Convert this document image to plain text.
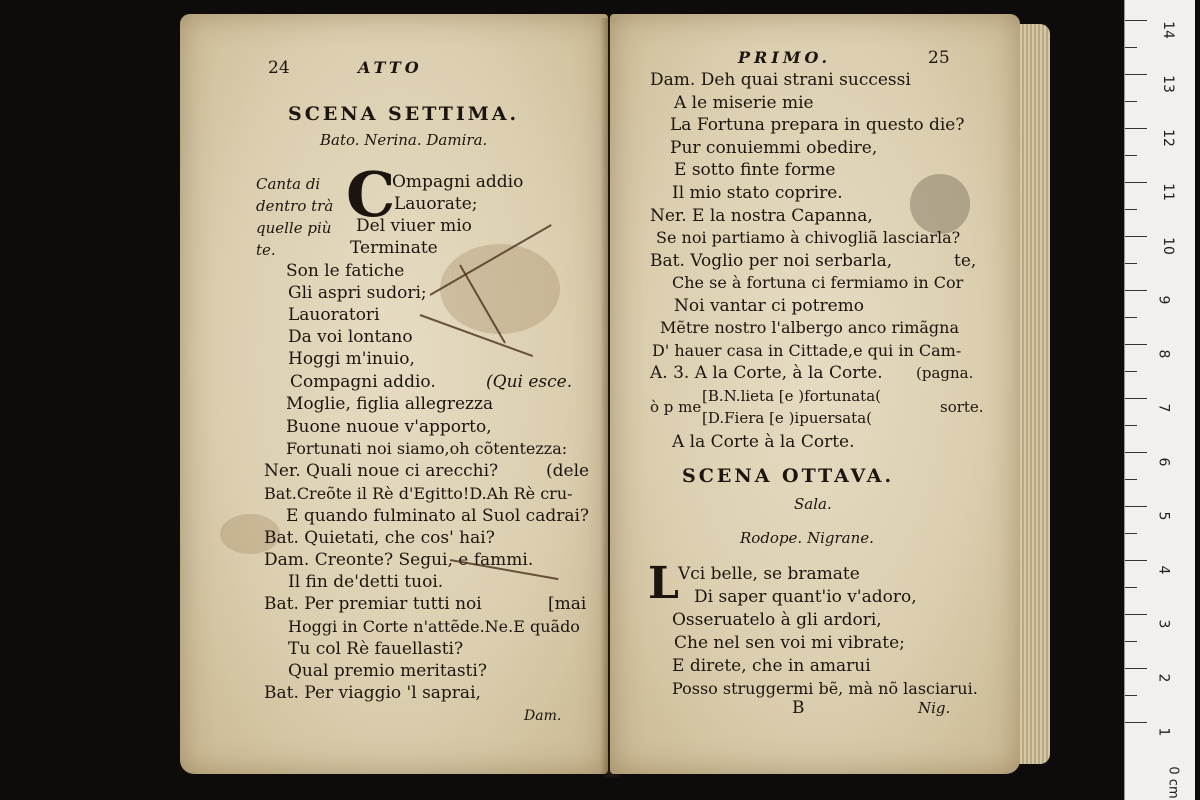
24	ATTO
SCENA SETTIMA.
Bato. Nerina. Damira.
Canta di
dentro trà
quelle più
te.
C
Ompagni addio
Lauorate;
Del viuer mio
Terminate
Son le fatiche
Gli aspri sudori;
Lauoratori
Da voi lontano
Hoggi m'inuio,
Compagni addio.	(Qui esce.
Moglie, figlia allegrezza
Buone nuoue v'apporto,
Fortunati noi siamo,oh cõtentezza:
Ner. Quali noue ci arecchi?	(dele
Bat.Creõte il Rè d'Egitto!D.Ah Rè cru-
E quando fulminato al Suol cadrai?
Bat. Quietati, che cos' hai?
Dam. Creonte? Segui, e fammi.
Il fin de'detti tuoi.
Bat. Per premiar tutti noi	[mai
Hoggi in Corte n'attẽde.Ne.E quãdo
Tu col Rè fauellasti?
Qual premio meritasti?
Bat. Per viaggio 'l saprai,
Dam.
PRIMO.	25
Dam. Deh quai strani successi
A le miserie mie
La Fortuna prepara in questo die?
Pur conuiemmi obedire,
E sotto finte forme
Il mio stato coprire.
Ner. E la nostra Capanna,
Se noi partiamo à chivogliã lasciarla?
Bat. Voglio per noi serbarla,	te,
Che se à fortuna ci fermiamo in Cor
Noi vantar ci potremo
Mẽtre nostro l'albergo anco rimãgna
D' hauer casa in Cittade,e qui in Cam-
A. 3. A la Corte, à la Corte. (pagna.
[B.N.lieta [e )fortunata(
[D.Fiera [e )ipuersata(
ò p me	sorte.
A la Corte à la Corte.
SCENA OTTAVA.
Sala.
Rodope. Nigrane.
L Vci belle, se bramate
Di saper quant'io v'adoro,
Osseruatelo à gli ardori,
Che nel sen voi mi vibrate;
E direte, che in amarui
Posso struggermi bẽ, mà nõ lasciarui.
B	Nig.
14
13
12
11
10
9
8
7
6
5
4
3
2
1
0 cm
